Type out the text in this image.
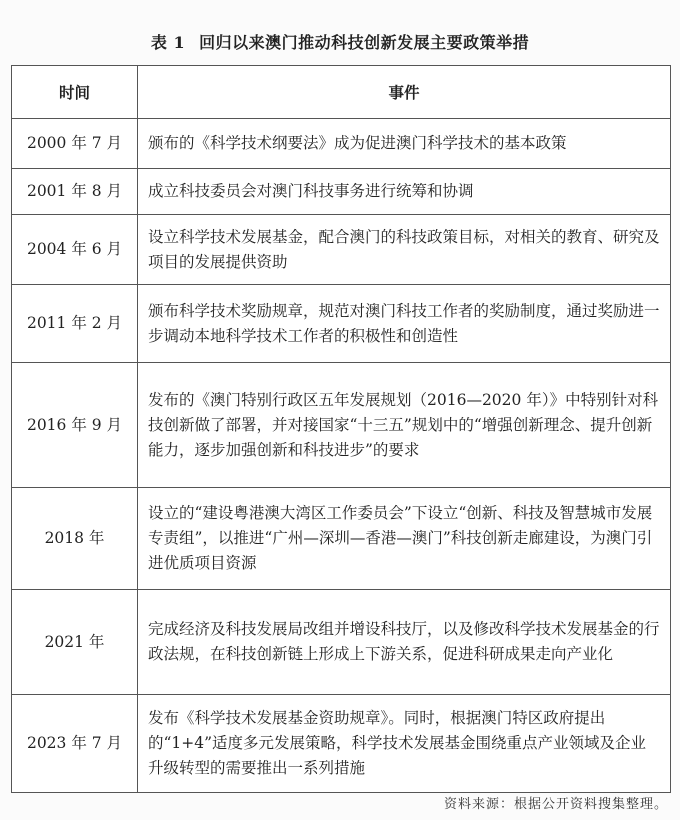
表 1 回归以来澳门推动科技创新发展主要政策举措
时间	事件
2000 年 7 月	颁布的《科学技术纲要法》成为促进澳门科学技术的基本政策
2001 年 8 月	成立科技委员会对澳门科技事务进行统筹和协调
2004 年 6 月	设立科学技术发展基金，配合澳门的科技政策目标，对相关的教育、研究及项目的发展提供资助
2011 年 2 月	颁布科学技术奖励规章，规范对澳门科技工作者的奖励制度，通过奖励进一步调动本地科学技术工作者的积极性和创造性
2016 年 9 月	发布的《澳门特别行政区五年发展规划（2016—2020 年）》中特别针对科技创新做了部署，并对接国家“十三五”规划中的“增强创新理念、提升创新能力，逐步加强创新和科技进步”的要求
2018 年	设立的“建设粤港澳大湾区工作委员会”下设立“创新、科技及智慧城市发展专责组”，以推进“广州—深圳—香港—澳门”科技创新走廊建设，为澳门引进优质项目资源
2021 年	完成经济及科技发展局改组并增设科技厅，以及修改科学技术发展基金的行政法规，在科技创新链上形成上下游关系，促进科研成果走向产业化
2023 年 7 月	发布《科学技术发展基金资助规章》。同时，根据澳门特区政府提出的“1+4”适度多元发展策略，科学技术发展基金围绕重点产业领域及企业升级转型的需要推出一系列措施
资料来源：根据公开资料搜集整理。
